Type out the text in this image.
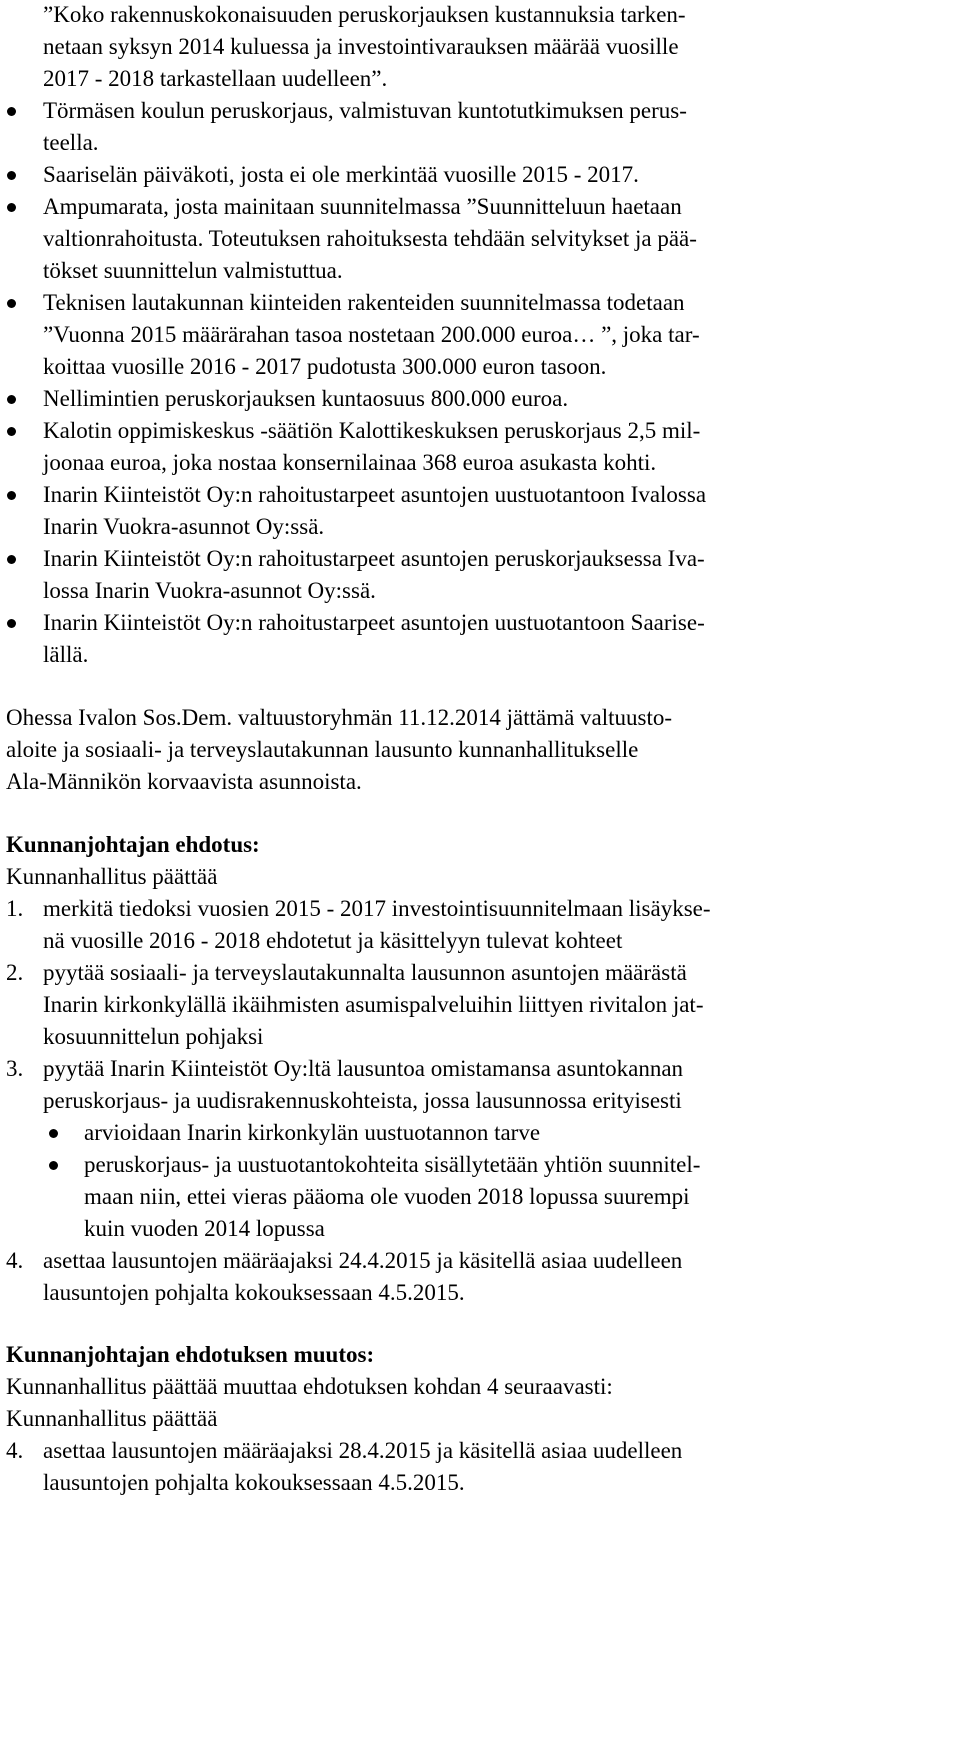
”Koko rakennuskokonaisuuden peruskorjauksen kustannuksia tarken-
netaan syksyn 2014 kuluessa ja investointivarauksen määrää vuosille
2017 - 2018 tarkastellaan uudelleen”.
Törmäsen koulun peruskorjaus, valmistuvan kuntotutkimuksen perus-
teella.
Saariselän päiväkoti, josta ei ole merkintää vuosille 2015 - 2017.
Ampumarata, josta mainitaan suunnitelmassa ”Suunnitteluun haetaan
valtionrahoitusta. Toteutuksen rahoituksesta tehdään selvitykset ja pää-
tökset suunnittelun valmistuttua.
Teknisen lautakunnan kiinteiden rakenteiden suunnitelmassa todetaan
”Vuonna 2015 määrärahan tasoa nostetaan 200.000 euroa… ”, joka tar-
koittaa vuosille 2016 - 2017 pudotusta 300.000 euron tasoon.
Nellimintien peruskorjauksen kuntaosuus 800.000 euroa.
Kalotin oppimiskeskus -säätiön Kalottikeskuksen peruskorjaus 2,5 mil-
joonaa euroa, joka nostaa konsernilainaa 368 euroa asukasta kohti.
Inarin Kiinteistöt Oy:n rahoitustarpeet asuntojen uustuotantoon Ivalossa
Inarin Vuokra-asunnot Oy:ssä.
Inarin Kiinteistöt Oy:n rahoitustarpeet asuntojen peruskorjauksessa Iva-
lossa Inarin Vuokra-asunnot Oy:ssä.
Inarin Kiinteistöt Oy:n rahoitustarpeet asuntojen uustuotantoon Saarise-
lällä.
Ohessa Ivalon Sos.Dem. valtuustoryhmän 11.12.2014 jättämä valtuusto-
aloite ja sosiaali- ja terveyslautakunnan lausunto kunnanhallitukselle
Ala-Männikön korvaavista asunnoista.
Kunnanjohtajan ehdotus:
Kunnanhallitus päättää
1. merkitä tiedoksi vuosien 2015 - 2017 investointisuunnitelmaan lisäykse-
nä vuosille 2016 - 2018 ehdotetut ja käsittelyyn tulevat kohteet
2. pyytää sosiaali- ja terveyslautakunnalta lausunnon asuntojen määrästä
Inarin kirkonkylällä ikäihmisten asumispalveluihin liittyen rivitalon jat-
kosuunnittelun pohjaksi
3. pyytää Inarin Kiinteistöt Oy:ltä lausuntoa omistamansa asuntokannan
peruskorjaus- ja uudisrakennuskohteista, jossa lausunnossa erityisesti
arvioidaan Inarin kirkonkylän uustuotannon tarve
peruskorjaus- ja uustuotantokohteita sisällytetään yhtiön suunnitel-
maan niin, ettei vieras pääoma ole vuoden 2018 lopussa suurempi
kuin vuoden 2014 lopussa
4. asettaa lausuntojen määräajaksi 24.4.2015 ja käsitellä asiaa uudelleen
lausuntojen pohjalta kokouksessaan 4.5.2015.
Kunnanjohtajan ehdotuksen muutos:
Kunnanhallitus päättää muuttaa ehdotuksen kohdan 4 seuraavasti:
Kunnanhallitus päättää
4. asettaa lausuntojen määräajaksi 28.4.2015 ja käsitellä asiaa uudelleen
lausuntojen pohjalta kokouksessaan 4.5.2015.
